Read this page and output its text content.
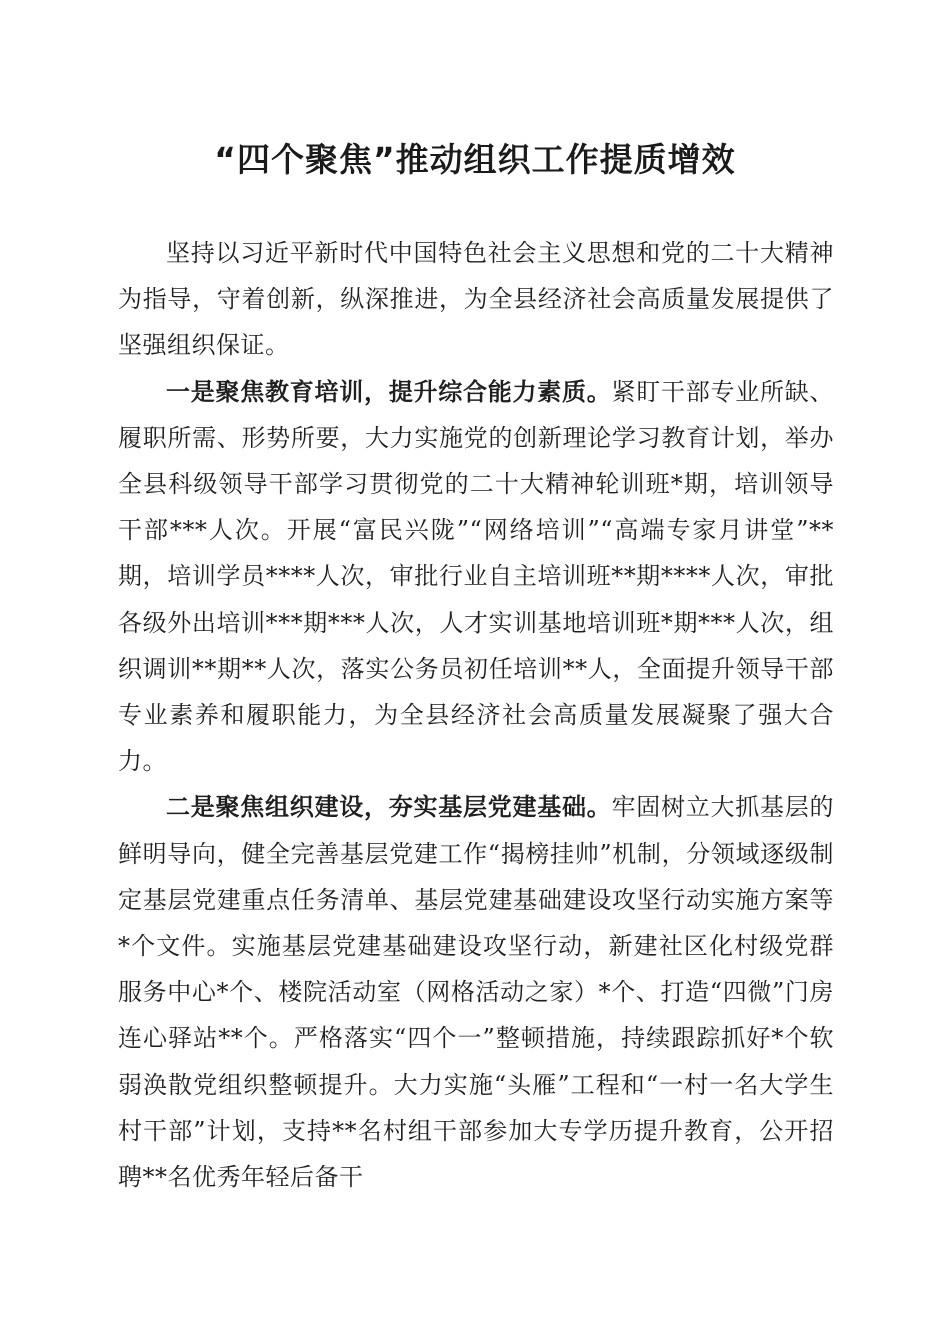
“四个聚焦”推动组织工作提质增效

坚持以习近平新时代中国特色社会主义思想和党的二十大精神为指导，守着创新，纵深推进，为全县经济社会高质量发展提供了坚强组织保证。

一是聚焦教育培训，提升综合能力素质。紧盯干部专业所缺、履职所需、形势所要，大力实施党的创新理论学习教育计划，举办全县科级领导干部学习贯彻党的二十大精神轮训班*期，培训领导干部***人次。开展“富民兴陇”“网络培训”“高端专家月讲堂”**期，培训学员****人次，审批行业自主培训班**期****人次，审批各级外出培训***期***人次，人才实训基地培训班*期***人次，组织调训**期**人次，落实公务员初任培训**人，全面提升领导干部专业素养和履职能力，为全县经济社会高质量发展凝聚了强大合力。

二是聚焦组织建设，夯实基层党建基础。牢固树立大抓基层的鲜明导向，健全完善基层党建工作“揭榜挂帅”机制，分领域逐级制定基层党建重点任务清单、基层党建基础建设攻坚行动实施方案等*个文件。实施基层党建基础建设攻坚行动，新建社区化村级党群服务中心*个、楼院活动室（网格活动之家）*个、打造“四微”门房连心驿站**个。严格落实“四个一”整顿措施，持续跟踪抓好*个软弱涣散党组织整顿提升。大力实施“头雁”工程和“一村一名大学生村干部”计划，支持**名村组干部参加大专学历提升教育，公开招聘**名优秀年轻后备干
